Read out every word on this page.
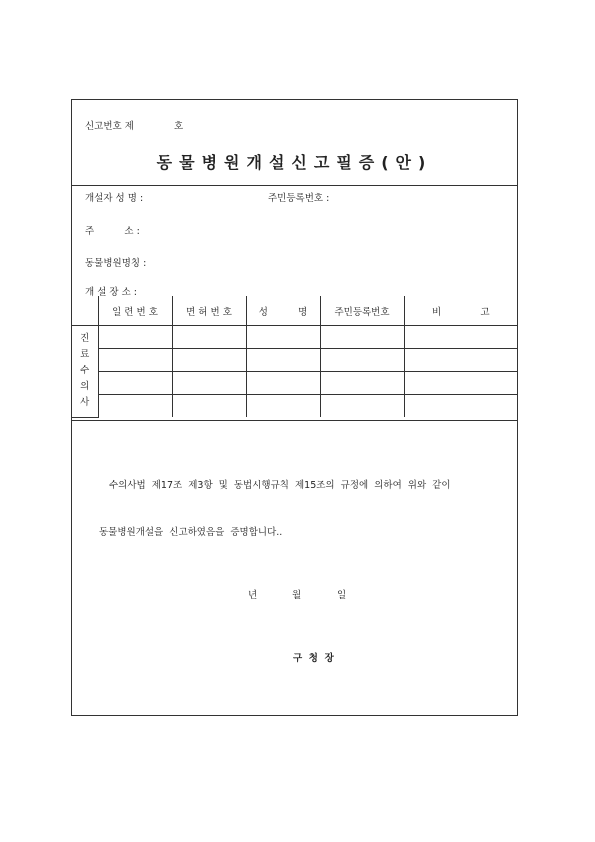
신고번호 제	호
동물병원개설신고필증(안)
개설자 성 명 :	주민등록번호 :
주          소 :
동물병원명칭 :
개 설 장 소 :
	일 련 번 호	면 허 번 호	성          명	주민등록번호	비             고

진
료
수
의
사					

수의사법  제17조  제3항  및  동법시행규칙  제15조의  규정에  의하여  위와  같이
동물병원개설을  신고하였음을  증명합니다..
년	월	일
구  청  장
